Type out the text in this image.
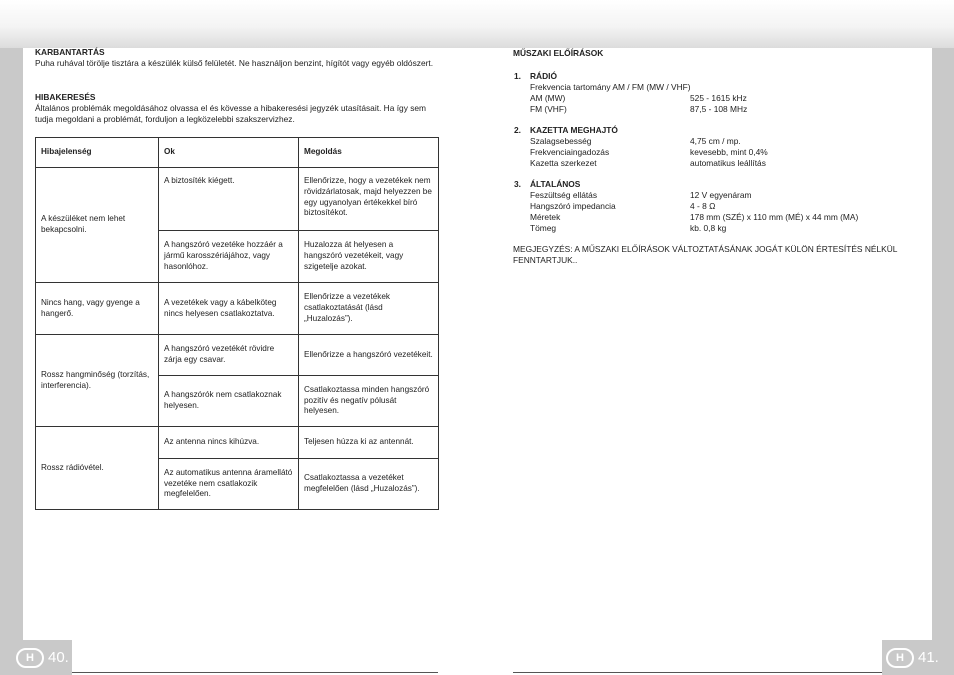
KARBANTARTÁS
Puha ruhával törölje tisztára a készülék külső felületét. Ne használjon benzint, hígítót vagy egyéb oldószert.
HIBAKERESÉS
Általános problémák megoldásához olvassa el és kövesse a hibakeresési jegyzék utasításait. Ha így sem tudja megoldani a problémát, forduljon a legközelebbi szakszervizhez.
Hibajelenség	Ok	Megoldás
A készüléket nem lehet bekapcsolni.	A biztosíték kiégett.	Ellenőrizze, hogy a vezetékek nem rövidzárlatosak, majd helyezzen be egy ugyanolyan értékekkel bíró biztosítékot.
	A hangszóró vezetéke hozzáér a jármű karosszériájához, vagy hasonlóhoz.	Huzalozza át helyesen a hangszóró vezetékeit, vagy szigetelje azokat.
Nincs hang, vagy gyenge a hangerő.	A vezetékek vagy a kábelköteg nincs helyesen csatlakoztatva.	Ellenőrizze a vezetékek csatlakoztatását (lásd „Huzalozás”).
Rossz hangminőség (torzítás, interferencia).	A hangszóró vezetékét rövidre zárja egy csavar.	Ellenőrizze a hangszóró vezetékeit.
	A hangszórók nem csatlakoznak helyesen.	Csatlakoztassa minden hangszóró pozitív és negatív pólusát helyesen.
Rossz rádióvétel.	Az antenna nincs kihúzva.	Teljesen húzza ki az antennát.
	Az automatikus antenna áramellátó vezetéke nem csatlakozik megfelelően.	Csatlakoztassa a vezetéket megfelelően (lásd „Huzalozás”).
MŰSZAKI ELŐÍRÁSOK
1. RÁDIÓ
Frekvencia tartomány AM / FM (MW / VHF)
AM (MW)	525 - 1615 kHz
FM (VHF)	87,5 - 108 MHz
2. KAZETTA MEGHAJTÓ
Szalagsebesség	4,75 cm / mp.
Frekvenciaingadozás	kevesebb, mint 0,4%
Kazetta szerkezet	automatikus leállítás
3. ÁLTALÁNOS
Feszültség ellátás	12 V egyenáram
Hangszóró impedancia	4 - 8 Ω
Méretek	178 mm (SZÉ) x 110 mm (MÉ) x 44 mm (MA)
Tömeg	kb. 0,8 kg
MEGJEGYZÉS: A MŰSZAKI ELŐÍRÁSOK VÁLTOZTATÁSÁNAK JOGÁT KÜLÖN ÉRTESÍTÉS NÉLKÜL FENNTARTJUK..
H 40.	H 41.
